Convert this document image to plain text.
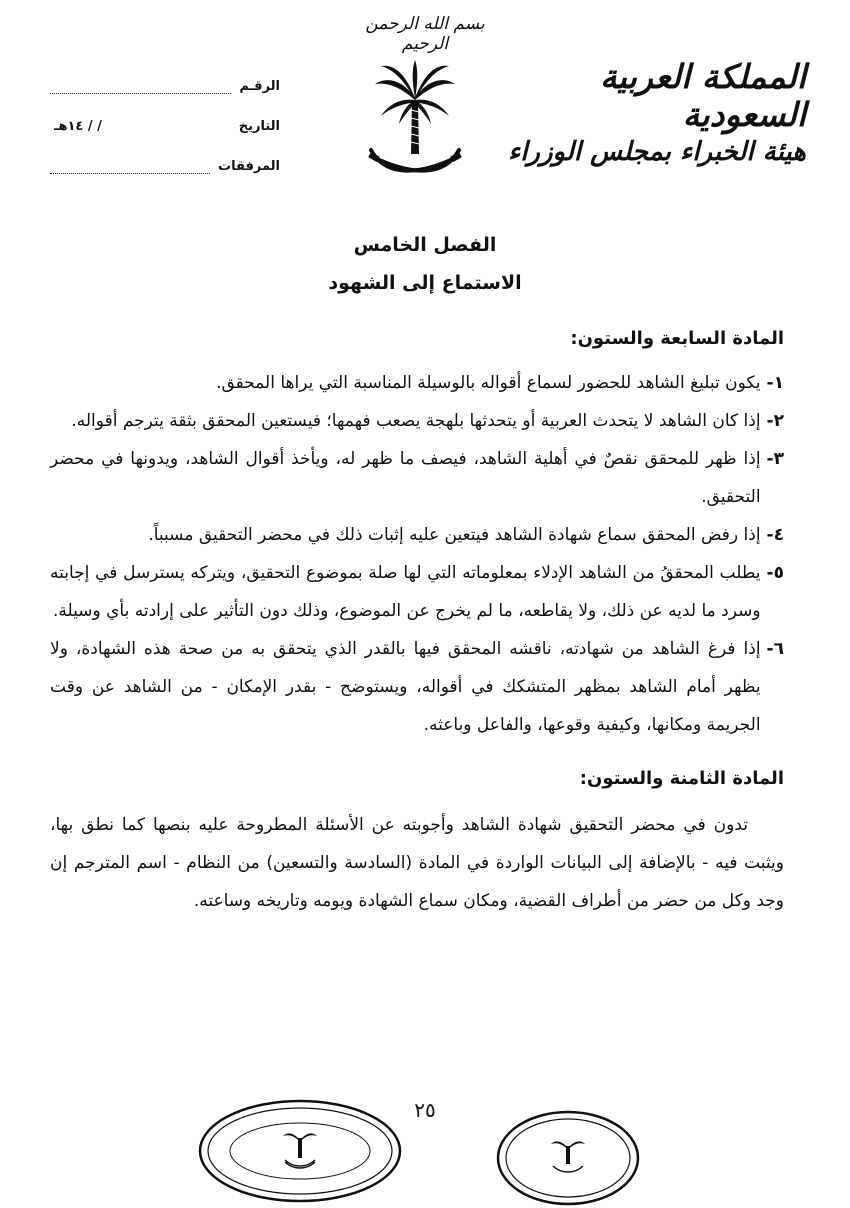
بسم الله الرحمن الرحيم
المملكة العربية السعودية
هيئة الخبراء بمجلس الوزراء
الرقـم
التاريخ
/ / ١٤هـ
المرفقات
الفصل الخامس
الاستماع إلى الشهود
المادة السابعة والستون:
١-
يكون تبليغ الشاهد للحضور لسماع أقواله بالوسيلة المناسبة التي يراها المحقق.
٢-
إذا كان الشاهد لا يتحدث العربية أو يتحدثها بلهجة يصعب فهمها؛ فيستعين المحقق بثقة يترجم أقواله.
٣-
إذا ظهر للمحقق نقصٌ في أهلية الشاهد، فيصف ما ظهر له، ويأخذ أقوال الشاهد، ويدونها في محضر التحقيق.
٤-
إذا رفض المحقق سماع شهادة الشاهد فيتعين عليه إثبات ذلك في محضر التحقيق مسبباً.
٥-
يطلب المحققُ من الشاهد الإدلاء بمعلوماته التي لها صلة بموضوع التحقيق، ويتركه يسترسل في إجابته وسرد ما لديه عن ذلك، ولا يقاطعه، ما لم يخرج عن الموضوع، وذلك دون التأثير على إرادته بأي وسيلة.
٦-
إذا فرغ الشاهد من شهادته، ناقشه المحقق فيها بالقدر الذي يتحقق به من صحة هذه الشهادة، ولا يظهر أمام الشاهد بمظهر المتشكك في أقواله، ويستوضح - بقدر الإمكان - من الشاهد عن وقت الجريمة ومكانها، وكيفية وقوعها، والفاعل وباعثه.
المادة الثامنة والستون:
تدون في محضر التحقيق شهادة الشاهد وأجوبته عن الأسئلة المطروحة عليه بنصها كما نطق بها، ويثبت فيه - بالإضافة إلى البيانات الواردة في المادة (السادسة والتسعين) من النظام - اسم المترجم إن وجد وكل من حضر من أطراف القضية، ومكان سماع الشهادة ويومه وتاريخه وساعته.
٢٥
